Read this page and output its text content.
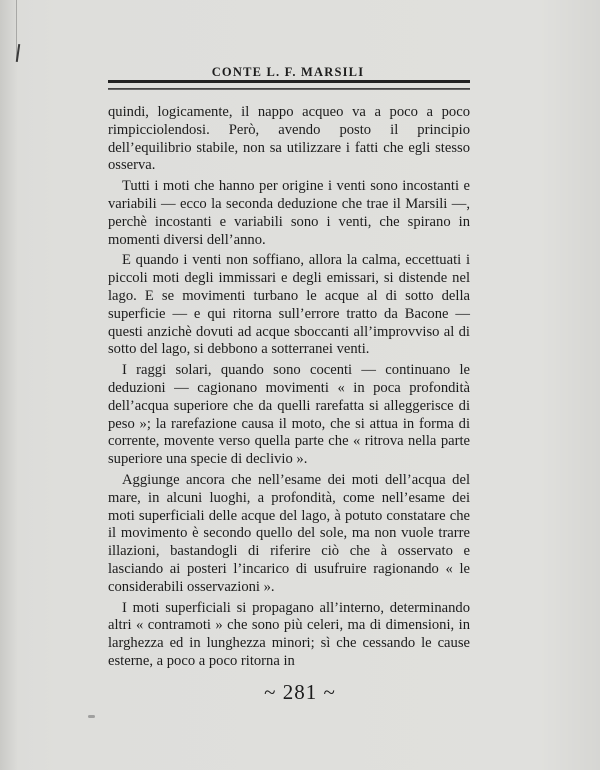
CONTE L. F. MARSILI

quindi, logicamente, il nappo acqueo va a poco a poco rimpicciolendosi. Però, avendo posto il principio dell’equilibrio stabile, non sa utilizzare i fatti che egli stesso osserva.

Tutti i moti che hanno per origine i venti sono incostanti e variabili — ecco la seconda deduzione che trae il Marsili —, perchè incostanti e variabili sono i venti, che spirano in momenti diversi dell’anno.

E quando i venti non soffiano, allora la calma, eccettuati i piccoli moti degli immissari e degli emissari, si distende nel lago. E se movimenti turbano le acque al di sotto della superficie — e qui ritorna sull’errore tratto da Bacone — questi anzichè dovuti ad acque sboccanti all’improvviso al di sotto del lago, si debbono a sotterranei venti.

I raggi solari, quando sono cocenti — continuano le deduzioni — cagionano movimenti « in poca profondità dell’acqua superiore che da quelli rarefatta si alleggerisce di peso »; la rarefazione causa il moto, che si attua in forma di corrente, movente verso quella parte che « ritrova nella parte superiore una specie di declivio ».

Aggiunge ancora che nell’esame dei moti dell’acqua del mare, in alcuni luoghi, a profondità, come nell’esame dei moti superficiali delle acque del lago, à potuto constatare che il movimento è secondo quello del sole, ma non vuole trarre illazioni, bastandogli di riferire ciò che à osservato e lasciando ai posteri l’incarico di usufruire ragionando « le considerabili osservazioni ».

I moti superficiali si propagano all’interno, determinando altri « contramoti » che sono più celeri, ma di dimensioni, in larghezza ed in lunghezza minori; sì che cessando le cause esterne, a poco a poco ritorna in

~ 281 ~
